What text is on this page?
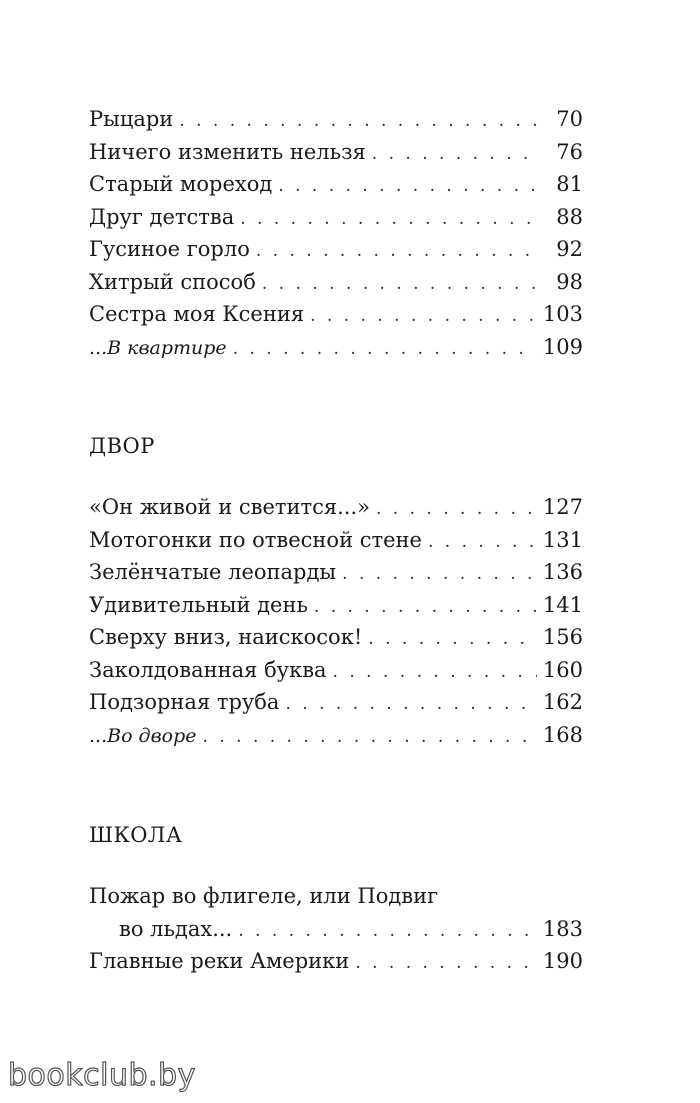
Рыцари . . .	70
Ничего изменить нельзя . . .	76
Старый мореход . . .	81
Друг детства . . .	88
Гусиное горло . . .	92
Хитрый способ . . .	98
Сестра моя Ксения . . .	103
...В квартире . . .	109
ДВОР
«Он живой и светится...» . . .	127
Мотогонки по отвесной стене . . .	131
Зелёнчатые леопарды . . .	136
Удивительный день . . .	141
Сверху вниз, наискосок! . . .	156
Заколдованная буква . . .	160
Подзорная труба . . .	162
...Во дворе . . .	168
ШКОЛА
Пожар во флигеле, или Подвиг
во льдах... . . .	183
Главные реки Америки . . .	190
bookclub.by
